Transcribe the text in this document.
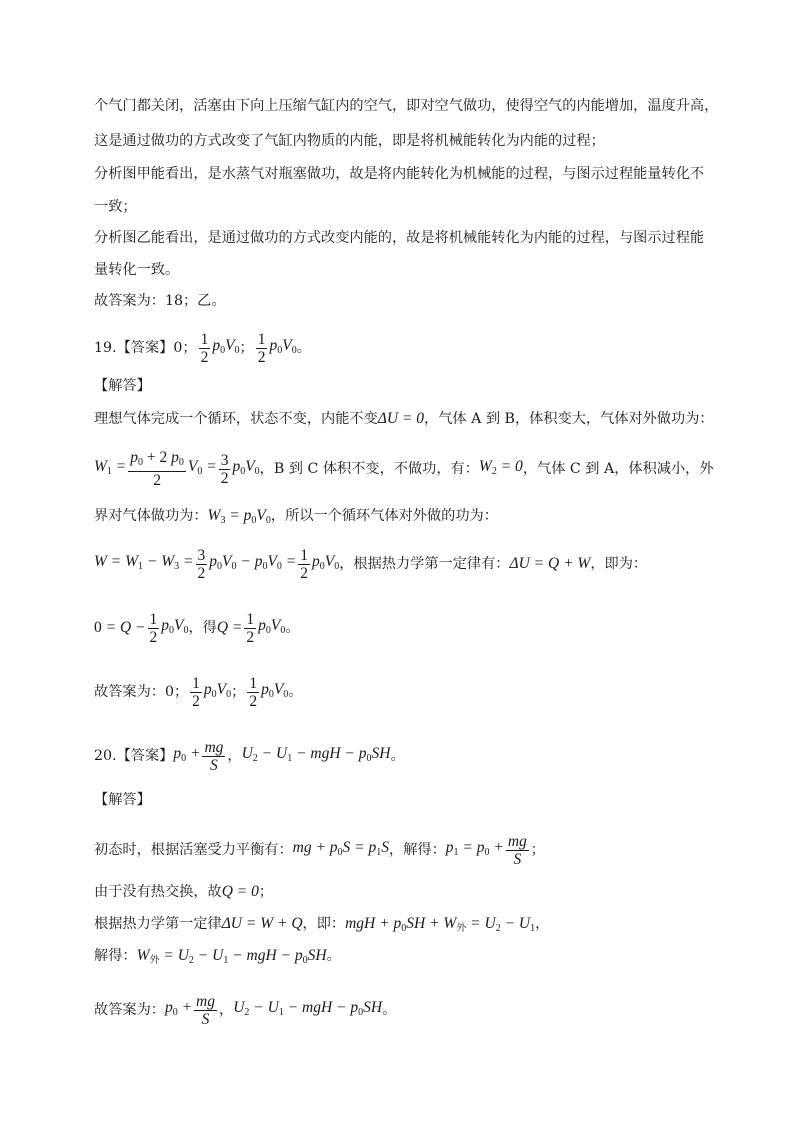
个气门都关闭，活塞由下向上压缩气缸内的空气，即对空气做功，使得空气的内能增加，温度升高，
这是通过做功的方式改变了气缸内物质的内能，即是将机械能转化为内能的过程；
分析图甲能看出，是水蒸气对瓶塞做功，故是将内能转化为机械能的过程，与图示过程能量转化不
一致；
分析图乙能看出，是通过做功的方式改变内能的，故是将机械能转化为内能的过程，与图示过程能
量转化一致。
故答案为：18；乙。
19. 【答案】 0； $\frac{1}{2} p_0V_0$ ； $\frac{1}{2} p_0V_0$ 。
【解答】
理想气体完成一个循环，状态不变，内能不变ΔU = 0，气体 A 到 B，体积变大，气体对外做功为：
$W_1 = \frac{p_0 + 2 p_0}{2} V_0 = \frac{3}{2} p_0V_0$ ，B 到 C 体积不变，不做功，有： $W_2 = 0$ ，气体 C 到 A，体积减小，外
界对气体做功为：$W_3 = p_0V_0$，所以一个循环气体对外做的功为：
$W = W_1 - W_3 = \frac{3}{2} p_0V_0 - p_0V_0 = \frac{1}{2} p_0V_0$ ，根据热力学第一定律有： ΔU = Q + W ，即为：
$0 = Q - \frac{1}{2} p_0V_0$ ，得 $Q = \frac{1}{2} p_0V_0$ 。
故答案为：0； $\frac{1}{2} p_0V_0$ ； $\frac{1}{2} p_0V_0$ 。
20. 【答案】 $p_0 + \frac{mg}{S}$ ， $U_2 - U_1$ − mgH − $p_0SH$ 。
【解答】
初态时，根据活塞受力平衡有： mg + $p_0S = p_1S$ ，解得： $p_1 = p_0 + \frac{mg}{S}$ ；
由于没有热交换，故Q = 0；
根据热力学第一定律ΔU = W + Q，即：mgH + $p_0SH + W_外 = U_2 - U_1$，
解得：$W_外 = U_2 - U_1$ − mgH − $p_0SH$。
故答案为： $p_0 + \frac{mg}{S}$ ， $U_2 - U_1$ − mgH − $p_0SH$ 。
